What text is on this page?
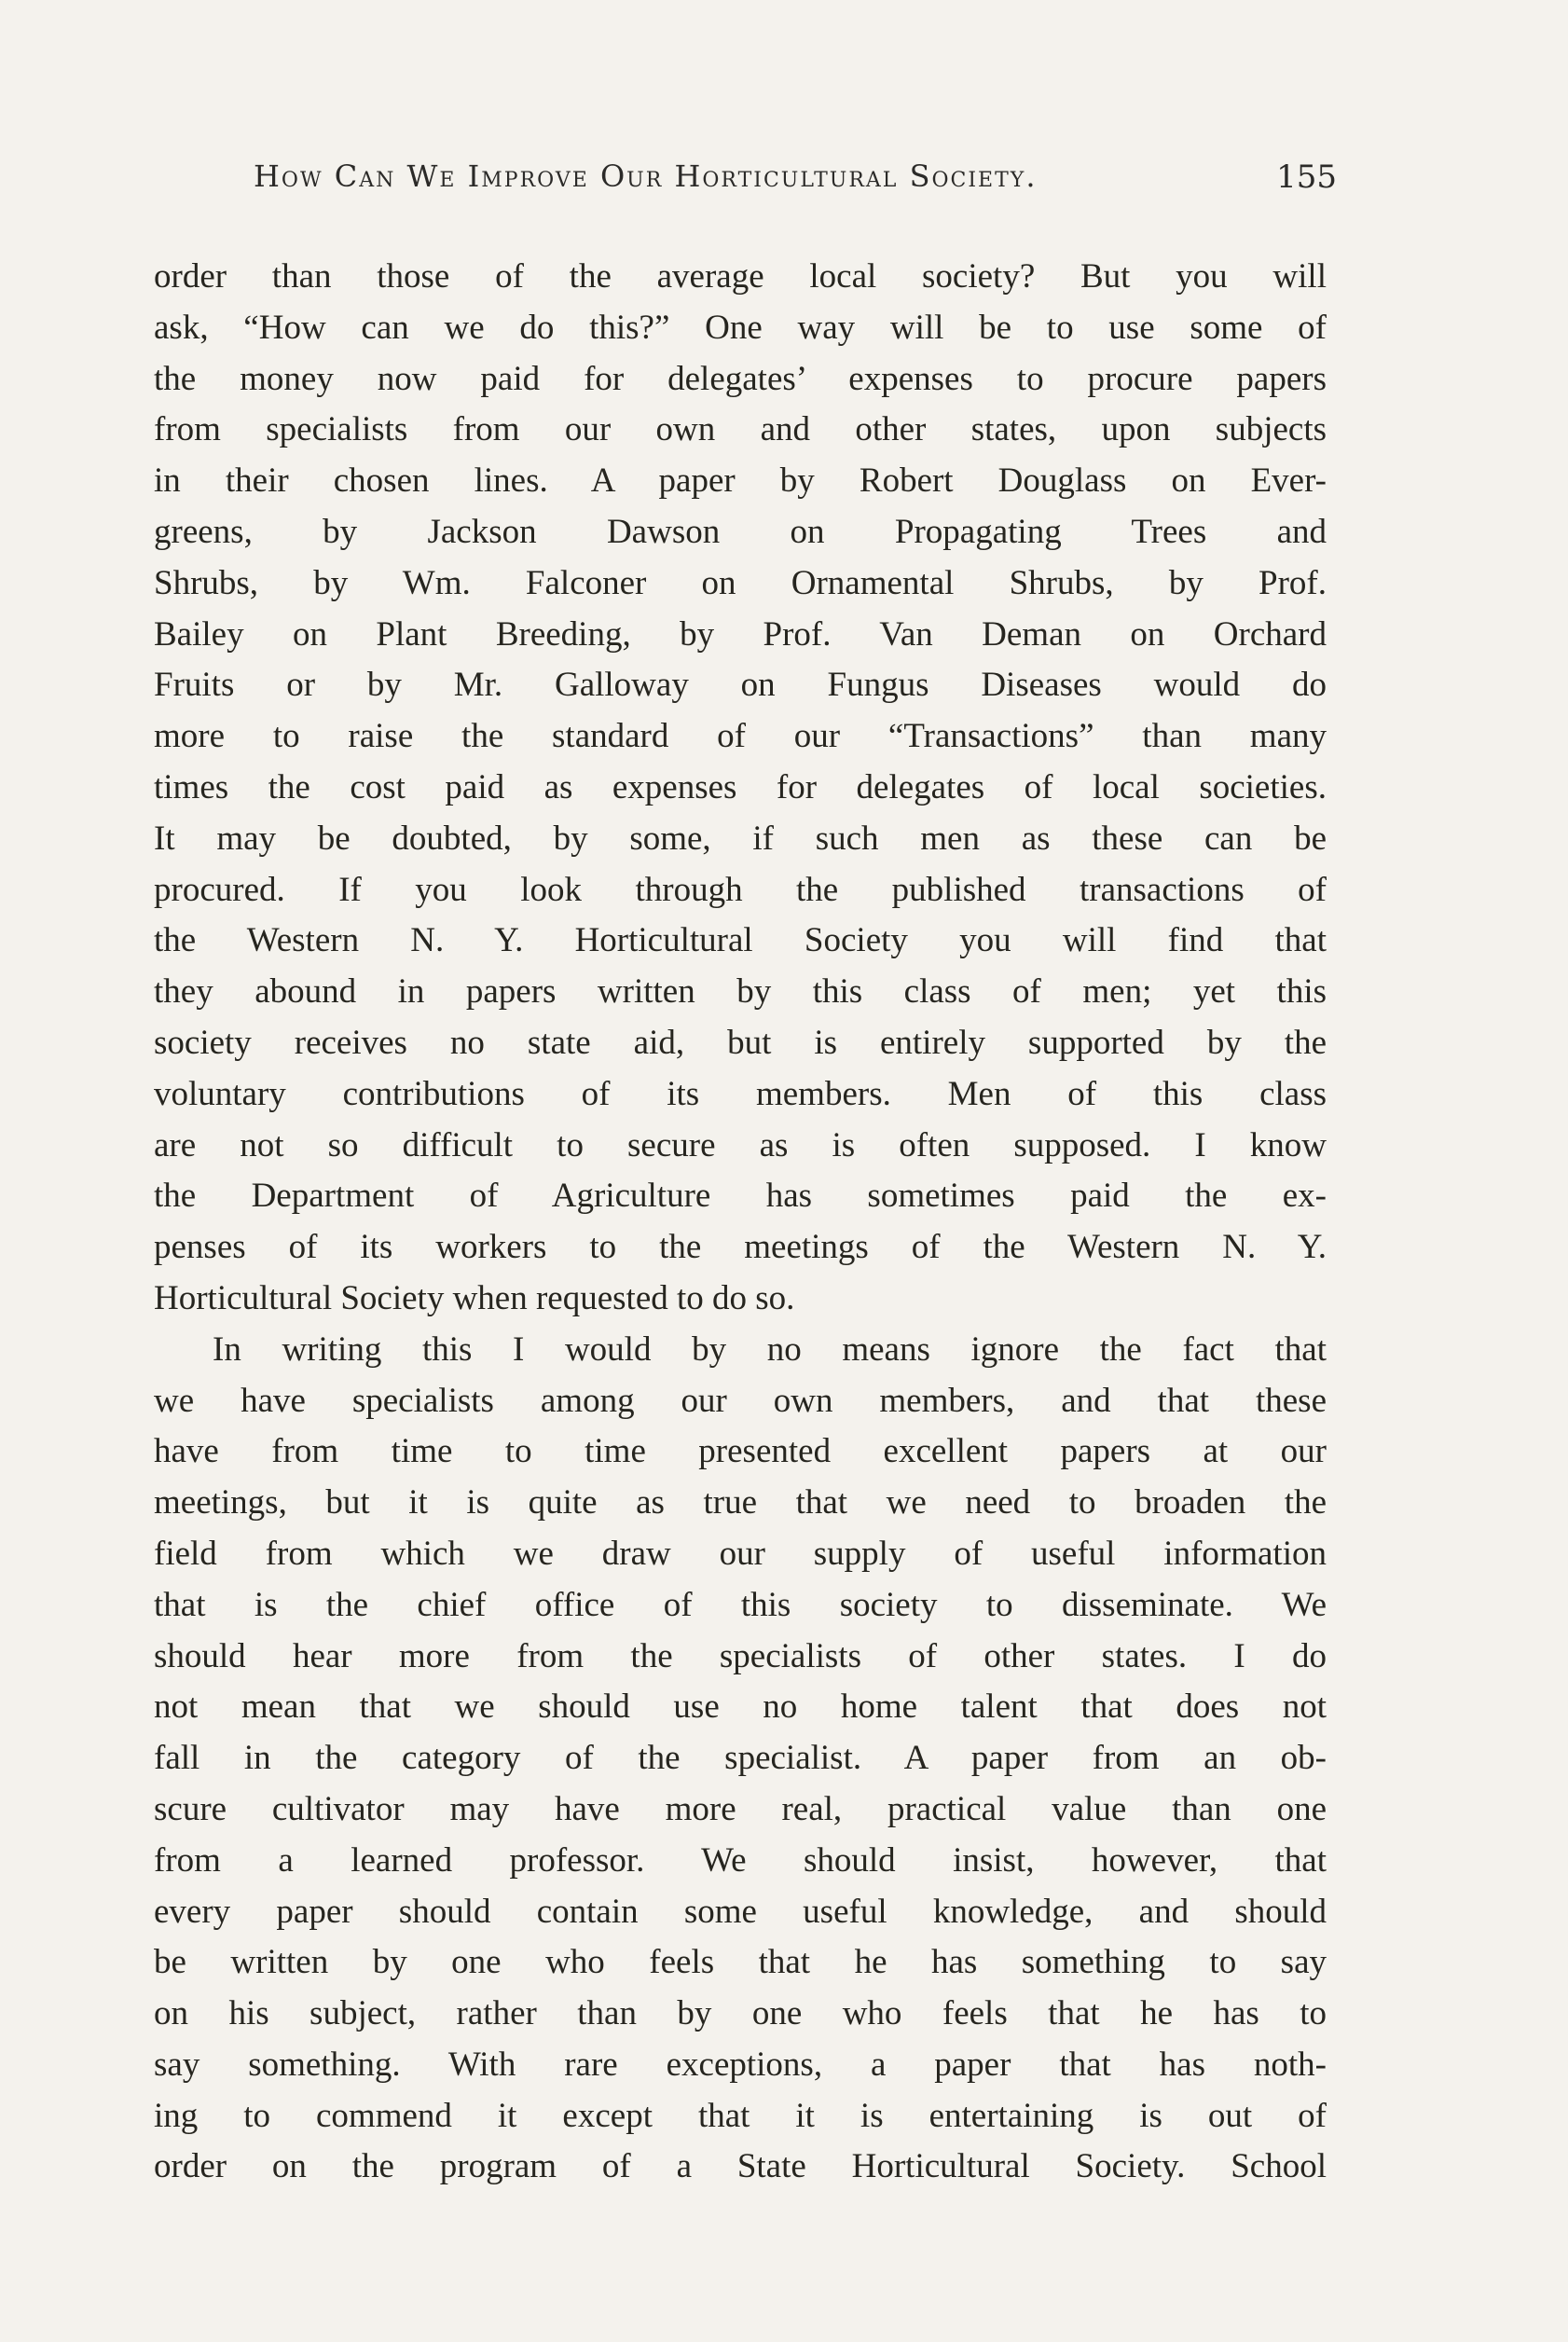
How Can We Improve Our Horticultural Society.	155
order than those of the average local society? But you will
ask, “How can we do this?” One way will be to use some of
the money now paid for delegates’ expenses to procure papers
from specialists from our own and other states, upon subjects
in their chosen lines. A paper by Robert Douglass on Ever-
greens, by Jackson Dawson on Propagating Trees and
Shrubs, by Wm. Falconer on Ornamental Shrubs, by Prof.
Bailey on Plant Breeding, by Prof. Van Deman on Orchard
Fruits or by Mr. Galloway on Fungus Diseases would do
more to raise the standard of our “Transactions” than many
times the cost paid as expenses for delegates of local societies.
It may be doubted, by some, if such men as these can be
procured. If you look through the published transactions of
the Western N. Y. Horticultural Society you will find that
they abound in papers written by this class of men; yet this
society receives no state aid, but is entirely supported by the
voluntary contributions of its members. Men of this class
are not so difficult to secure as is often supposed. I know
the Department of Agriculture has sometimes paid the ex-
penses of its workers to the meetings of the Western N. Y.
Horticultural Society when requested to do so.
In writing this I would by no means ignore the fact that
we have specialists among our own members, and that these
have from time to time presented excellent papers at our
meetings, but it is quite as true that we need to broaden the
field from which we draw our supply of useful information
that is the chief office of this society to disseminate. We
should hear more from the specialists of other states. I do
not mean that we should use no home talent that does not
fall in the category of the specialist. A paper from an ob-
scure cultivator may have more real, practical value than one
from a learned professor. We should insist, however, that
every paper should contain some useful knowledge, and should
be written by one who feels that he has something to say
on his subject, rather than by one who feels that he has to
say something. With rare exceptions, a paper that has noth-
ing to commend it except that it is entertaining is out of
order on the program of a State Horticultural Society. School
